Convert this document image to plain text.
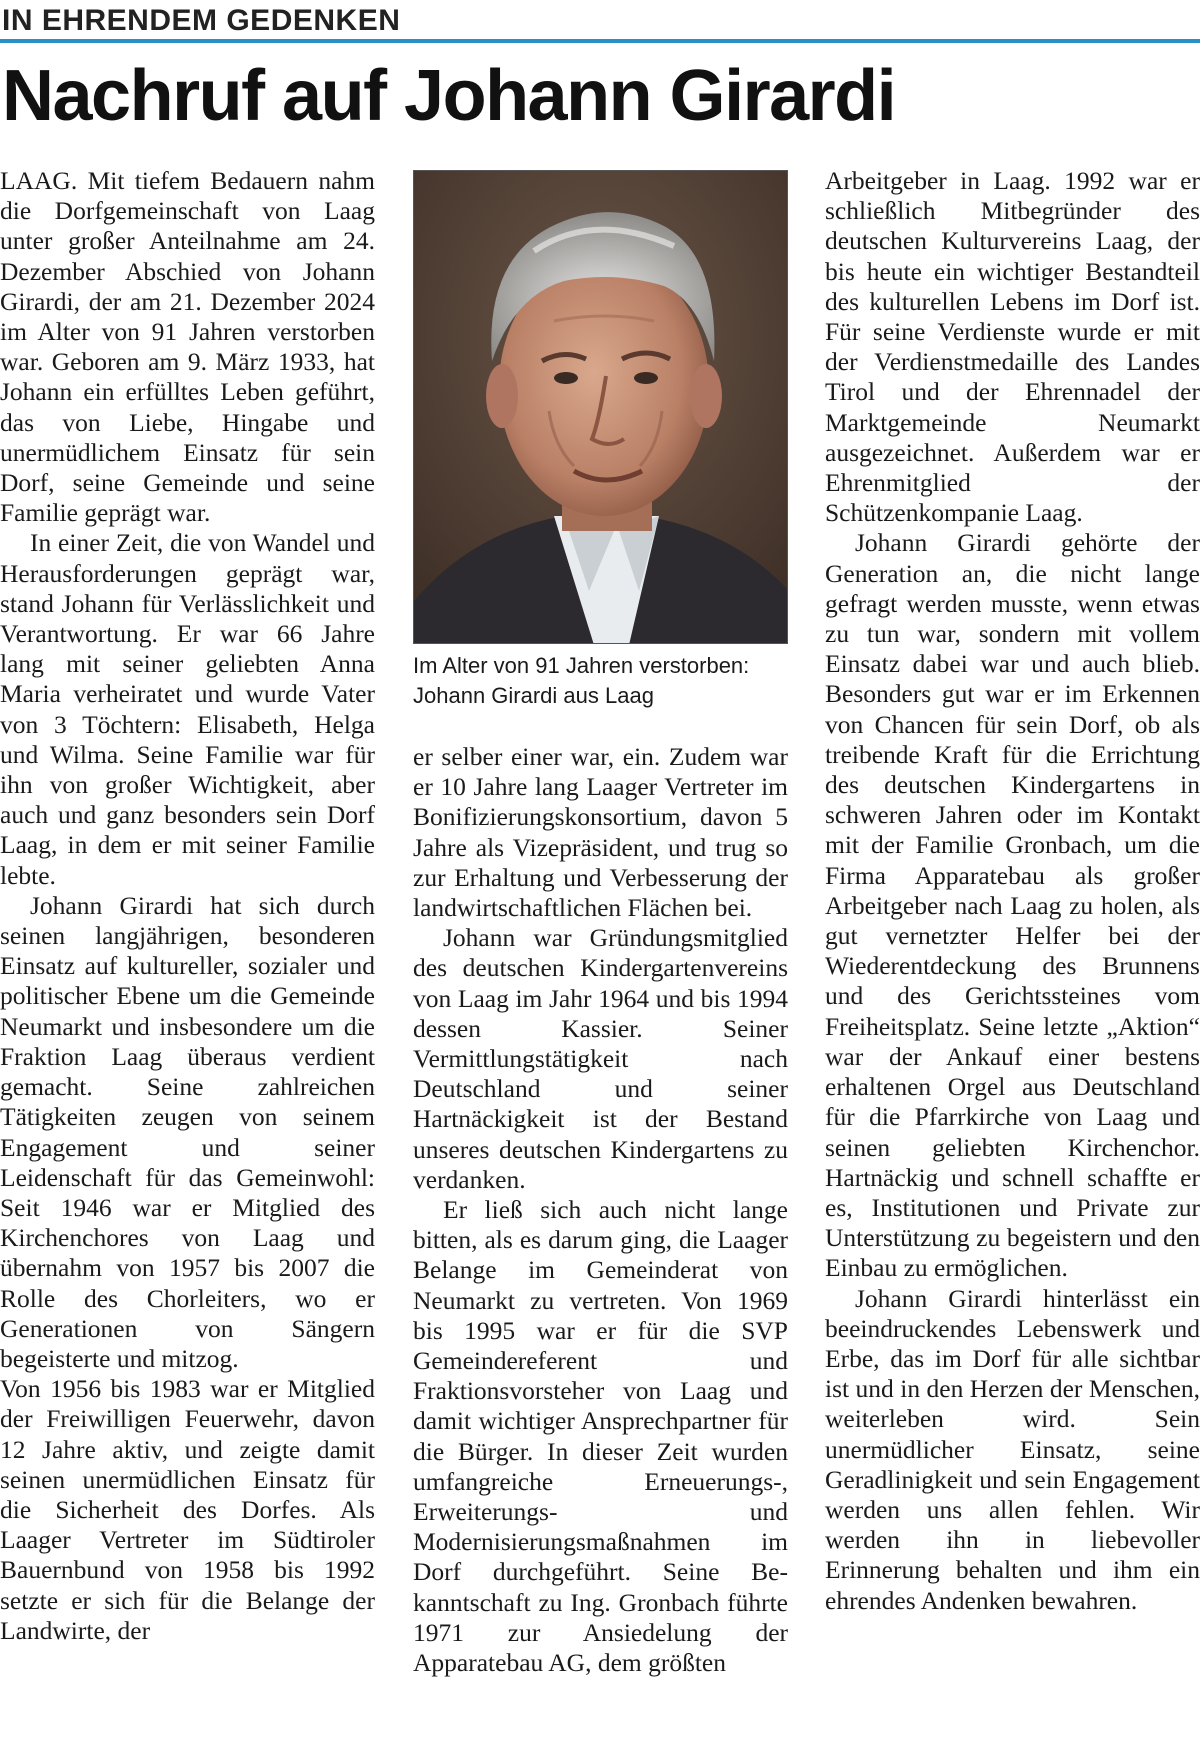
IN EHRENDEM GEDENKEN
Nachruf auf Johann Girardi

LAAG. Mit tiefem Bedauern nahm die Dorfgemeinschaft von Laag unter großer Anteilnahme am 24. Dezember Abschied von Johann Girardi, der am 21. Dezember 2024 im Alter von 91 Jahren verstorben war. Geboren am 9. März 1933, hat Johann ein erfülltes Leben geführt, das von Liebe, Hingabe und unermüdlichem Einsatz für sein Dorf, seine Gemeinde und seine Familie geprägt war.

In einer Zeit, die von Wandel und Herausforderungen geprägt war, stand Johann für Verlässlichkeit und Verantwortung. Er war 66 Jahre lang mit seiner geliebten Anna Maria verheiratet und wurde Vater von 3 Töchtern: Elisabeth, Helga und Wilma. Seine Familie war für ihn von großer Wichtigkeit, aber auch und ganz besonders sein Dorf Laag, in dem er mit seiner Familie lebte.

Johann Girardi hat sich durch seinen langjährigen, besonderen Einsatz auf kultureller, sozialer und politischer Ebene um die Gemeinde Neumarkt und insbesondere um die Fraktion Laag überaus verdient gemacht. Seine zahlreichen Tätigkeiten zeugen von seinem Engagement und seiner Leidenschaft für das Gemeinwohl: Seit 1946 war er Mitglied des Kirchenchores von Laag und übernahm von 1957 bis 2007 die Rolle des Chorleiters, wo er Generationen von Sängern begeisterte und mitzog.

Von 1956 bis 1983 war er Mitglied der Freiwilligen Feuerwehr, davon 12 Jahre aktiv, und zeigte damit seinen unermüdlichen Einsatz für die Sicherheit des Dorfes. Als Laager Vertreter im Südtiroler Bauernbund von 1958 bis 1992 setzte er sich für die Belange der Landwirte, der

Im Alter von 91 Jahren verstorben:
Johann Girardi aus Laag

er selber einer war, ein. Zudem war er 10 Jahre lang Laager Vertreter im Bonifizierungskonsortium, davon 5 Jahre als Vizepräsident, und trug so zur Erhaltung und Verbesserung der landwirtschaftlichen Flächen bei.

Johann war Gründungsmitglied des deutschen Kindergartenvereins von Laag im Jahr 1964 und bis 1994 dessen Kassier. Seiner Vermittlungstätigkeit nach Deutschland und seiner Hartnäckigkeit ist der Bestand unseres deutschen Kindergartens zu verdanken.

Er ließ sich auch nicht lange bitten, als es darum ging, die Laager Belange im Gemeinderat von Neumarkt zu vertreten. Von 1969 bis 1995 war er für die SVP Gemeindereferent und Fraktionsvorsteher von Laag und damit wichtiger Ansprechpartner für die Bürger. In dieser Zeit wurden umfangreiche Erneuerungs-, Erweiterungs- und Modernisierungsmaßnahmen im Dorf durchgeführt. Seine Bekanntschaft zu Ing. Gronbach führte 1971 zur Ansiedelung der Apparatebau AG, dem größten

Arbeitgeber in Laag. 1992 war er schließlich Mitbegründer des deutschen Kulturvereins Laag, der bis heute ein wichtiger Bestandteil des kulturellen Lebens im Dorf ist. Für seine Verdienste wurde er mit der Verdienstmedaille des Landes Tirol und der Ehrennadel der Marktgemeinde Neumarkt ausgezeichnet. Außerdem war er Ehrenmitglied der Schützenkompanie Laag.

Johann Girardi gehörte der Generation an, die nicht lange gefragt werden musste, wenn etwas zu tun war, sondern mit vollem Einsatz dabei war und auch blieb. Besonders gut war er im Erkennen von Chancen für sein Dorf, ob als treibende Kraft für die Errichtung des deutschen Kindergartens in schweren Jahren oder im Kontakt mit der Familie Gronbach, um die Firma Apparatebau als großer Arbeitgeber nach Laag zu holen, als gut vernetzter Helfer bei der Wiederentdeckung des Brunnens und des Gerichtssteines vom Freiheitsplatz. Seine letzte „Aktion“ war der Ankauf einer bestens erhaltenen Orgel aus Deutschland für die Pfarrkirche von Laag und seinen geliebten Kirchenchor. Hartnäckig und schnell schaffte er es, Institutionen und Private zur Unterstützung zu begeistern und den Einbau zu ermöglichen.

Johann Girardi hinterlässt ein beeindruckendes Lebenswerk und Erbe, das im Dorf für alle sichtbar ist und in den Herzen der Menschen, weiterleben wird. Sein unermüdlicher Einsatz, seine Geradlinigkeit und sein Engagement werden uns allen fehlen. Wir werden ihn in liebevoller Erinnerung behalten und ihm ein ehrendes Andenken bewahren.
